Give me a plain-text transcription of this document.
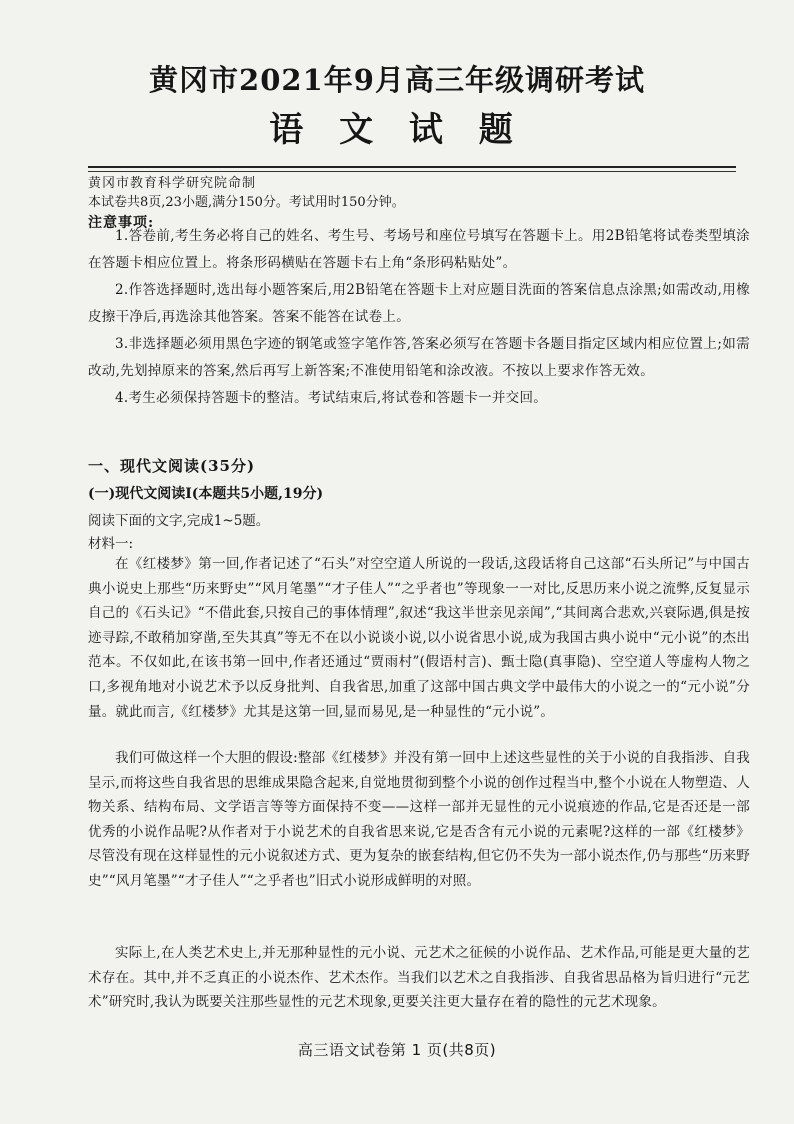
黄冈市2021年9月高三年级调研考试
语 文 试 题
黄冈市教育科学研究院命制
本试卷共8页,23小题,满分150分。考试用时150分钟。
注意事项:
1.答卷前,考生务必将自己的姓名、考生号、考场号和座位号填写在答题卡上。用2B铅笔将试卷类型填涂在答题卡相应位置上。将条形码横贴在答题卡右上角“条形码粘贴处”。
2.作答选择题时,选出每小题答案后,用2B铅笔在答题卡上对应题目洗面的答案信息点涂黑;如需改动,用橡皮擦干净后,再选涂其他答案。答案不能答在试卷上。
3.非选择题必须用黑色字迹的钢笔或签字笔作答,答案必须写在答题卡各题目指定区域内相应位置上;如需改动,先划掉原来的答案,然后再写上新答案;不准使用铅笔和涂改液。不按以上要求作答无效。
4.考生必须保持答题卡的整洁。考试结束后,将试卷和答题卡一并交回。
一、现代文阅读(35分)
(一)现代文阅读Ⅰ(本题共5小题,19分)
阅读下面的文字,完成1~5题。
材料一:
在《红楼梦》第一回,作者记述了“石头”对空空道人所说的一段话,这段话将自己这部“石头所记”与中国古典小说史上那些“历来野史”“风月笔墨”“才子佳人”“之乎者也”等现象一一对比,反思历来小说之流弊,反复显示自己的《石头记》“不借此套,只按自己的事体情理”,叙述“我这半世亲见亲闻”,“其间离合悲欢,兴衰际遇,俱是按迹寻踪,不敢稍加穿凿,至失其真”等无不在以小说谈小说,以小说省思小说,成为我国古典小说中“元小说”的杰出范本。不仅如此,在该书第一回中,作者还通过“贾雨村”(假语村言)、甄士隐(真事隐)、空空道人等虚构人物之口,多视角地对小说艺术予以反身批判、自我省思,加重了这部中国古典文学中最伟大的小说之一的“元小说”分量。就此而言,《红楼梦》尤其是这第一回,显而易见,是一种显性的“元小说”。
我们可做这样一个大胆的假设:整部《红楼梦》并没有第一回中上述这些显性的关于小说的自我指涉、自我呈示,而将这些自我省思的思维成果隐含起来,自觉地贯彻到整个小说的创作过程当中,整个小说在人物塑造、人物关系、结构布局、文学语言等等方面保持不变——这样一部并无显性的元小说痕迹的作品,它是否还是一部优秀的小说作品呢?从作者对于小说艺术的自我省思来说,它是否含有元小说的元素呢?这样的一部《红楼梦》尽管没有现在这样显性的元小说叙述方式、更为复杂的嵌套结构,但它仍不失为一部小说杰作,仍与那些“历来野史”“风月笔墨”“才子佳人”“之乎者也”旧式小说形成鲜明的对照。
实际上,在人类艺术史上,并无那种显性的元小说、元艺术之征候的小说作品、艺术作品,可能是更大量的艺术存在。其中,并不乏真正的小说杰作、艺术杰作。当我们以艺术之自我指涉、自我省思品格为旨归进行“元艺术”研究时,我认为既要关注那些显性的元艺术现象,更要关注更大量存在着的隐性的元艺术现象。
高三语文试卷第 1 页(共8页)
